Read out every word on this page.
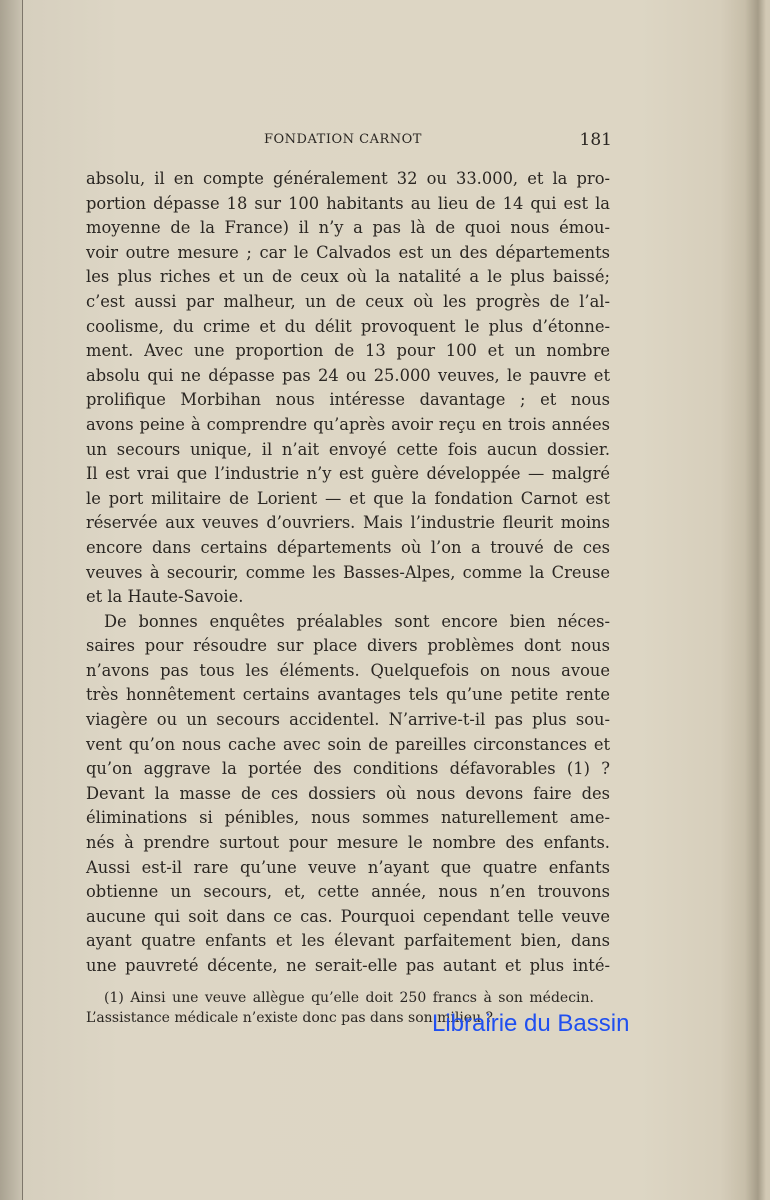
FONDATION CARNOT	181
absolu, il en compte généralement 32 ou 33.000, et la pro-
portion dépasse 18 sur 100 habitants au lieu de 14 qui est la
moyenne de la France) il n’y a pas là de quoi nous émou-
voir outre mesure ; car le Calvados est un des départements
les plus riches et un de ceux où la natalité a le plus baissé;
c’est aussi par malheur, un de ceux où les progrès de l’al-
coolisme, du crime et du délit provoquent le plus d’étonne-
ment. Avec une proportion de 13 pour 100 et un nombre
absolu qui ne dépasse pas 24 ou 25.000 veuves, le pauvre et
prolifique Morbihan nous intéresse davantage ; et nous
avons peine à comprendre qu’après avoir reçu en trois années
un secours unique, il n’ait envoyé cette fois aucun dossier.
Il est vrai que l’industrie n’y est guère développée — malgré
le port militaire de Lorient — et que la fondation Carnot est
réservée aux veuves d’ouvriers. Mais l’industrie fleurit moins
encore dans certains départements où l’on a trouvé de ces
veuves à secourir, comme les Basses-Alpes, comme la Creuse
et la Haute-Savoie.
De bonnes enquêtes préalables sont encore bien néces-
saires pour résoudre sur place divers problèmes dont nous
n’avons pas tous les éléments. Quelquefois on nous avoue
très honnêtement certains avantages tels qu’une petite rente
viagère ou un secours accidentel. N’arrive-t-il pas plus sou-
vent qu’on nous cache avec soin de pareilles circonstances et
qu’on aggrave la portée des conditions défavorables (1) ?
Devant la masse de ces dossiers où nous devons faire des
éliminations si pénibles, nous sommes naturellement ame-
nés à prendre surtout pour mesure le nombre des enfants.
Aussi est-il rare qu’une veuve n’ayant que quatre enfants
obtienne un secours, et, cette année, nous n’en trouvons
aucune qui soit dans ce cas. Pourquoi cependant telle veuve
ayant quatre enfants et les élevant parfaitement bien, dans
une pauvreté décente, ne serait-elle pas autant et plus inté-
(1) Ainsi une veuve allègue qu’elle doit 250 francs à son médecin.
L’assistance médicale n’existe donc pas dans son milieu ?
Librairie du Bassin
